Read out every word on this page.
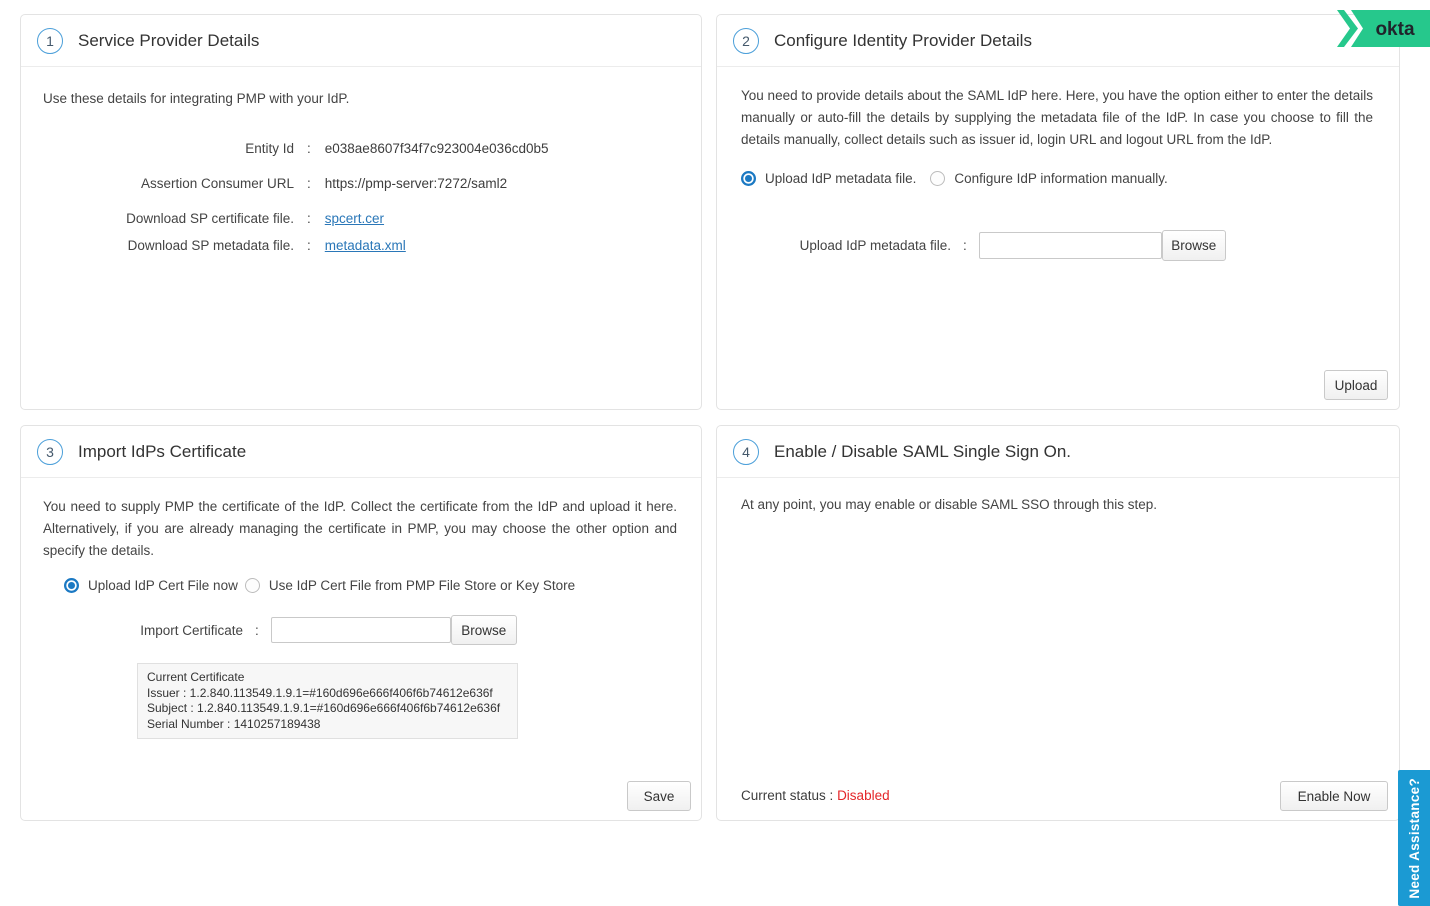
1 Service Provider Details

Use these details for integrating PMP with your IdP.

Entity Id : e038ae8607f34f7c923004e036cd0b5
Assertion Consumer URL : https://pmp-server:7272/saml2
Download SP certificate file. : spcert.cer
Download SP metadata file. : metadata.xml
2 Configure Identity Provider Details

You need to provide details about the SAML IdP here. Here, you have the option either to enter the details manually or auto-fill the details by supplying the metadata file of the IdP. In case you choose to fill the details manually, collect details such as issuer id, login URL and logout URL from the IdP.

Upload IdP metadata file.	Configure IdP information manually.
Upload IdP metadata file. :	Browse
Upload
3 Import IdPs Certificate

You need to supply PMP the certificate of the IdP. Collect the certificate from the IdP and upload it here. Alternatively, if you are already managing the certificate in PMP, you may choose the other option and specify the details.

Upload IdP Cert File now Use IdP Cert File from PMP File Store or Key Store
Import Certificate :	Browse
Current Certificate
Issuer : 1.2.840.113549.1.9.1=#160d696e666f406f6b74612e636f
Subject : 1.2.840.113549.1.9.1=#160d696e666f406f6b74612e636f
Serial Number : 1410257189438
Save
4 Enable / Disable SAML Single Sign On.

At any point, you may enable or disable SAML SSO through this step.

Current status : Disabled	Enable Now
okta
Need Assistance?
